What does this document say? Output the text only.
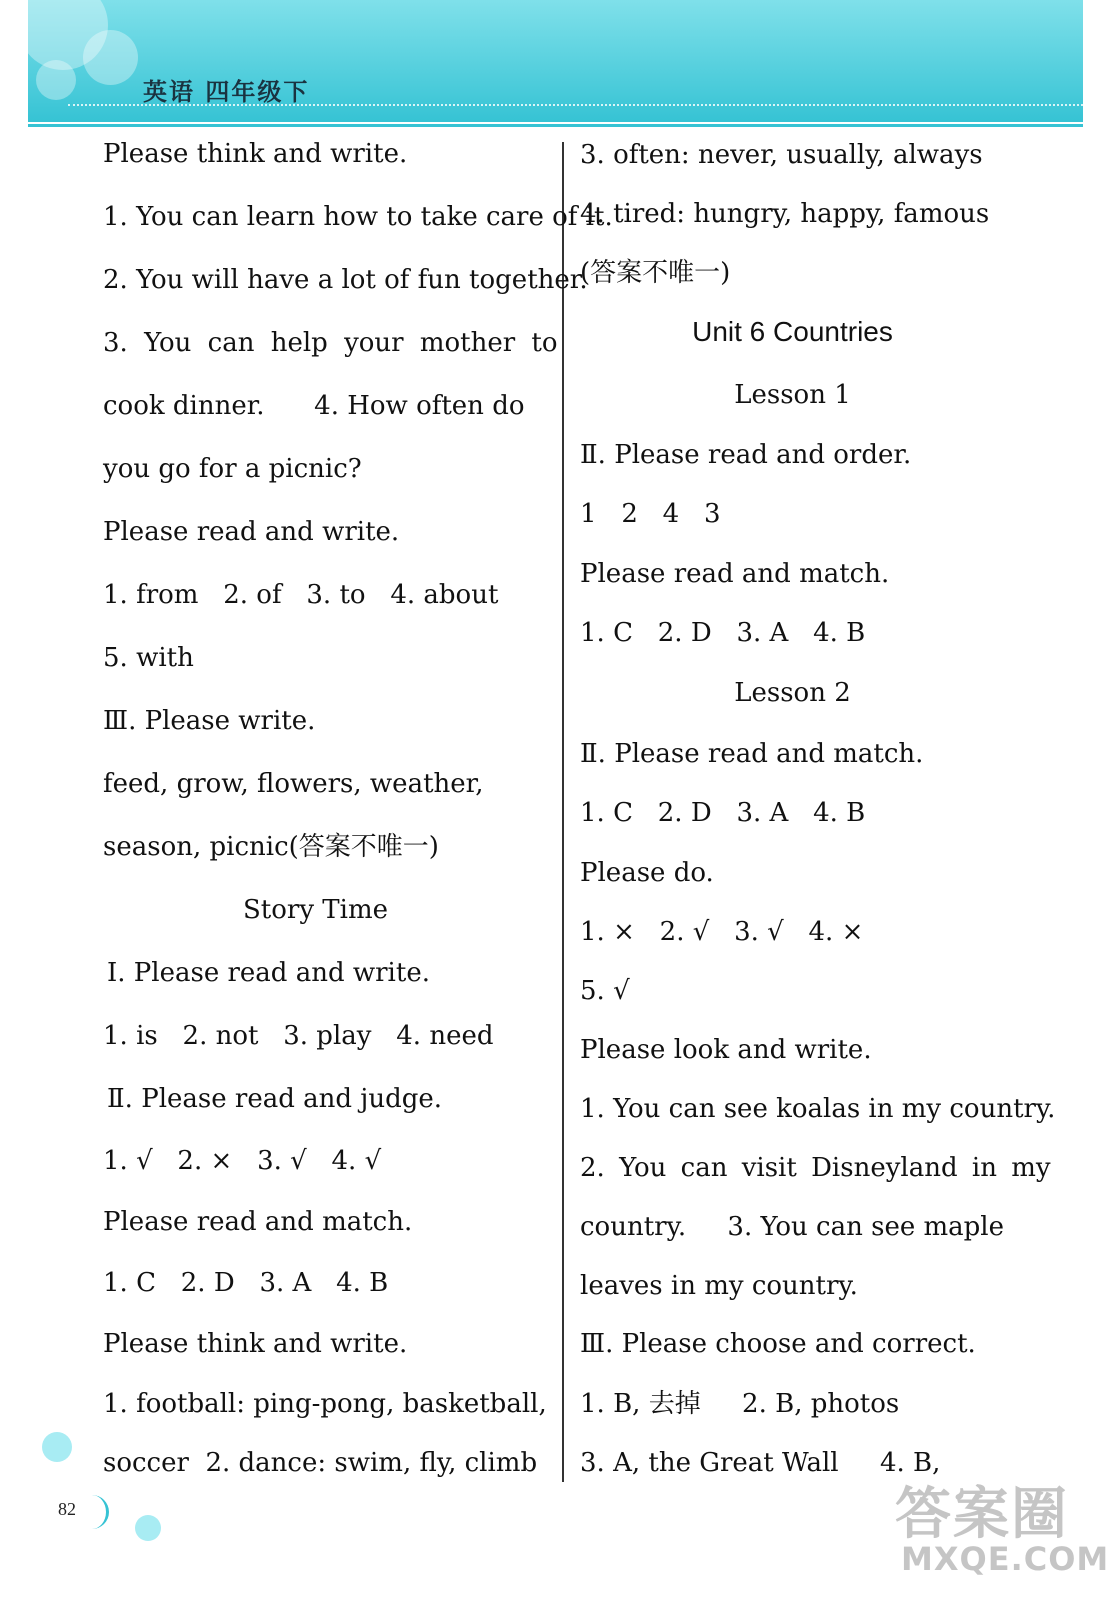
英语 四年级下
Please think and write.
1. You can learn how to take care of it.
2. You will have a lot of fun together.
3. You can help your mother to
cook dinner.      4. How often do
you go for a picnic?
Please read and write.
1. from   2. of   3. to   4. about
5. with
Ⅲ. Please write.
feed, grow, flowers, weather,
season, picnic(答案不唯一)
Story Time
Ⅰ. Please read and write.
1. is   2. not   3. play   4. need
Ⅱ. Please read and judge.
1. √   2. ×   3. √   4. √
Please read and match.
1. C   2. D   3. A   4. B
Please think and write.
1. football: ping-pong, basketball,
soccer  2. dance: swim, fly, climb
3. often: never, usually, always
4. tired: hungry, happy, famous
(答案不唯一)
Unit 6 Countries
Lesson 1
Ⅱ. Please read and order.
1   2   4   3
Please read and match.
1. C   2. D   3. A   4. B
Lesson 2
Ⅱ. Please read and match.
1. C   2. D   3. A   4. B
Please do.
1. ×   2. √   3. √   4. ×
5. √
Please look and write.
1. You can see koalas in my country.
2. You can visit Disneyland in my
country.     3. You can see maple
leaves in my country.
Ⅲ. Please choose and correct.
1. B, 去掉     2. B, photos
3. A, the Great Wall     4. B,
82	答案圈
MXQE.COM
